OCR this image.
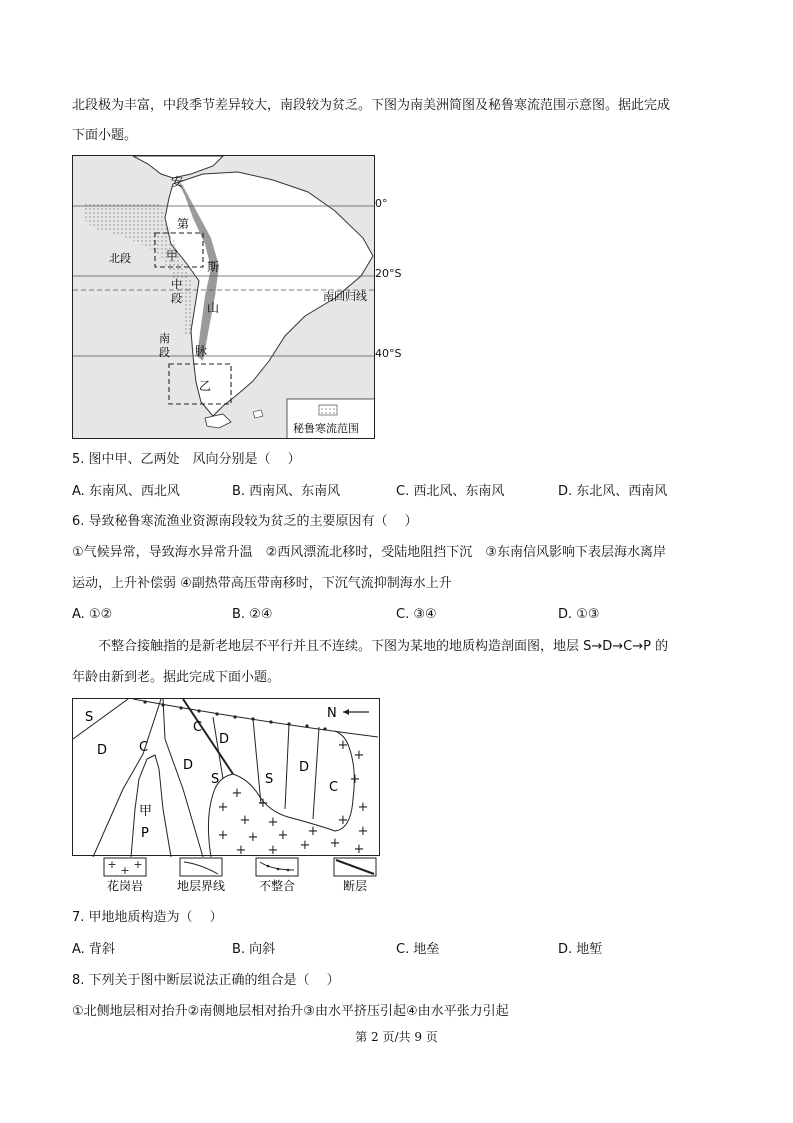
北段极为丰富，中段季节差异较大，南段较为贫乏。下图为南美洲简图及秘鲁寒流范围示意图。据此完成
下面小题。
安
第
斯
山
脉
甲
乙
北段
中
段
南
段
南回归线
秘鲁寒流范围
0°
20°S
40°S
5. 图中甲、乙两处　风向分别是（　 ）
A. 东南风、西北风	B. 西南风、东南风	C. 西北风、东南风	D. 东北风、西南风
6. 导致秘鲁寒流渔业资源南段较为贫乏的主要原因有（　 ）
①气候异常，导致海水异常升温　②西风漂流北移时，受陆地阻挡下沉　③东南信风影响下表层海水离岸
运动，上升补偿弱 ④副热带高压带南移时，下沉气流抑制海水上升
A. ①②	B. ②④	C. ③④	D. ①③
　　不整合接触指的是新老地层不平行并且不连续。下图为某地的地质构造剖面图，地层 S→D→C→P 的
年龄由新到老。据此完成下面小题。
+
+
+
+ +
+ + + +
+
+
+
+
+
+ + + +
+
+
S
D C
甲
P
D
S
C
D
S
D
C
N
+ + +
花岗岩	地层界线	不整合	断层
7. 甲地地质构造为（　 ）
A. 背斜	B. 向斜	C. 地垒	D. 地堑
8. 下列关于图中断层说法正确的组合是（　 ）
①北侧地层相对抬升②南侧地层相对抬升③由水平挤压引起④由水平张力引起
第 2 页/共 9 页
